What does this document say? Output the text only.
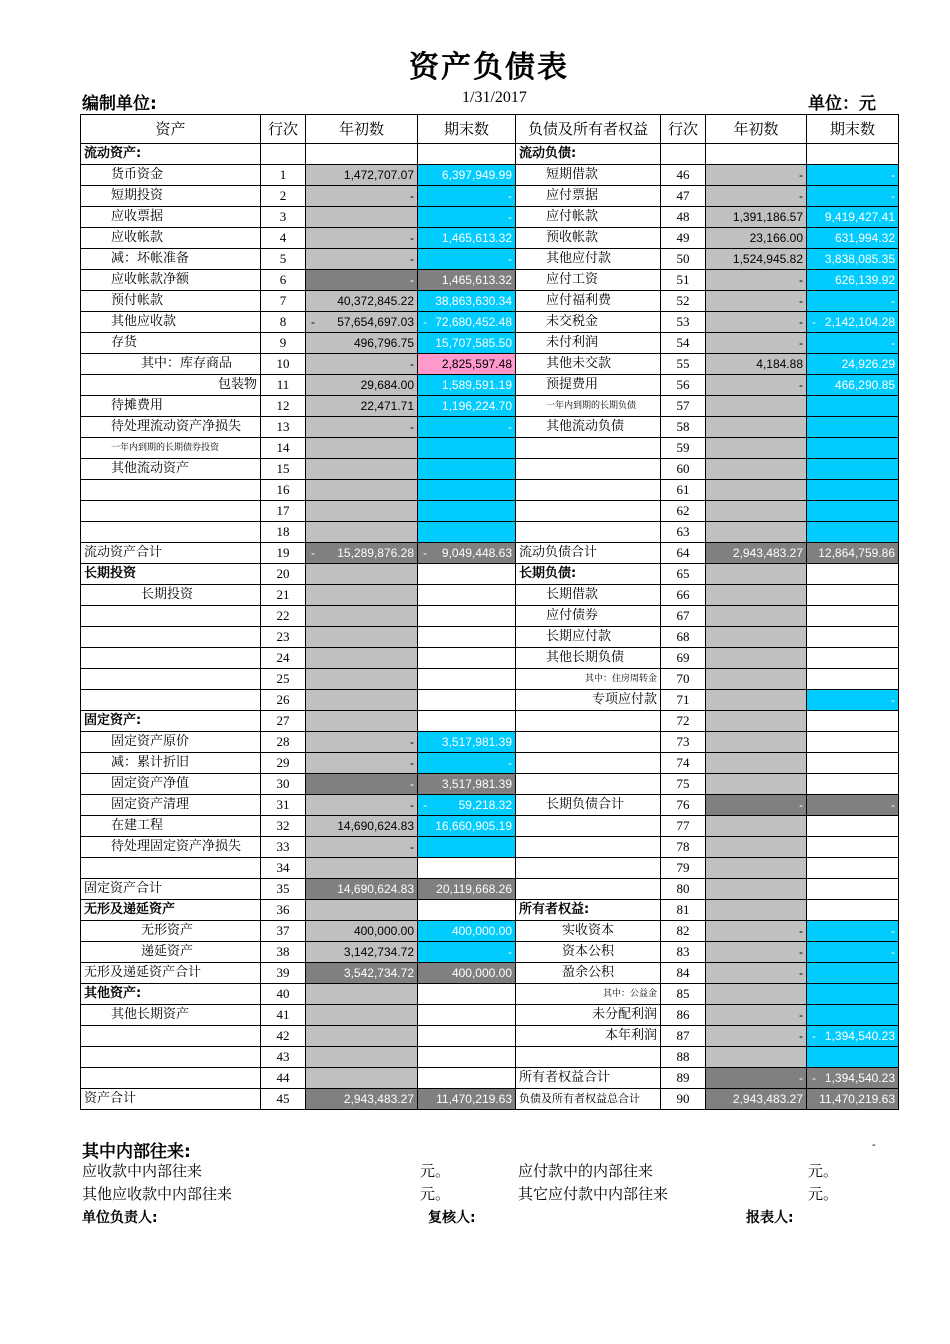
资产负债表
编制单位:	1/31/2017	单位：元
资产	行次	年初数	期末数	负债及所有者权益	行次	年初数	期末数
流动资产:				流动负债:			
货币资金	1	1,472,707.07	6,397,949.99	短期借款	46	-	-
短期投资	2	-	-	应付票据	47	-	-
应收票据	3		-	应付帐款	48	1,391,186.57	9,419,427.41
应收帐款	4	-	1,465,613.32	预收帐款	49	23,166.00	631,994.32
减：坏帐准备	5	-	-	其他应付款	50	1,524,945.82	3,838,085.35
应收帐款净额	6	-	1,465,613.32	应付工资	51	-	626,139.92
预付帐款	7	40,372,845.22	38,863,630.34	应付福利费	52	-	-
其他应收款	8	- 57,654,697.03	- 72,680,452.48	未交税金	53	-	- 2,142,104.28
存货	9	496,796.75	15,707,585.50	未付利润	54	-	-
其中：库存商品	10	-	2,825,597.48	其他未交款	55	4,184.88	24,926.29
包装物	11	29,684.00	1,589,591.19	预提费用	56	-	466,290.85
待摊费用	12	22,471.71	1,196,224.70	一年内到期的长期负债	57		
待处理流动资产净损失	13	-	-	其他流动负债	58		
一年内到期的长期债券投资	14				59		
其他流动资产	15				60		
	16				61		
	17				62		
	18				63		
流动资产合计	19	- 15,289,876.28	- 9,049,448.63	流动负债合计	64	2,943,483.27	12,864,759.86
长期投资	20			长期负债:	65		
长期投资	21			长期借款	66		
	22			应付债券	67		
	23			长期应付款	68		
	24			其他长期负债	69		
	25			其中：住房周转金	70		
	26			专项应付款	71		-
固定资产:	27				72		
固定资产原价	28	-	3,517,981.39		73		
减：累计折旧	29	-	-		74		
固定资产净值	30	-	3,517,981.39		75		
固定资产清理	31	-	- 59,218.32	长期负债合计	76	-	-
在建工程	32	14,690,624.83	16,660,905.19		77		
待处理固定资产净损失	33	-			78		
	34				79		
固定资产合计	35	14,690,624.83	20,119,668.26		80		
无形及递延资产	36			所有者权益:	81		
无形资产	37	400,000.00	400,000.00	实收资本	82	-	-
递延资产	38	3,142,734.72	-	资本公积	83	-	-
无形及递延资产合计	39	3,542,734.72	400,000.00	盈余公积	84	-	
其他资产:	40			其中：公益金	85		
其他长期资产	41			未分配利润	86	-	
	42			本年利润	87	-	- 1,394,540.23
	43				88		
	44			所有者权益合计	89	-	- 1,394,540.23
资产合计	45	2,943,483.27	11,470,219.63	负债及所有者权益总合计	90	2,943,483.27	11,470,219.63
其中内部往来:	-
应收款中内部往来	元。	应付款中的内部往来	元。
其他应收款中内部往来	元。	其它应付款中内部往来	元。
单位负责人:	复核人:	报表人:
